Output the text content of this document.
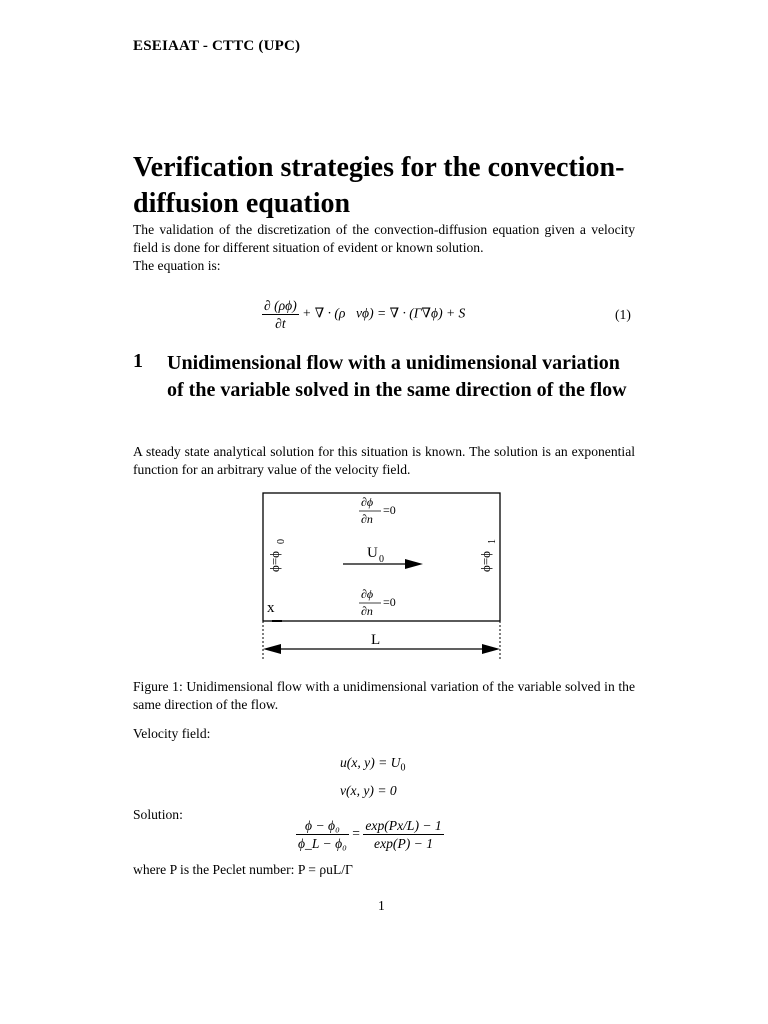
ESEIAAT - CTTC (UPC)
Verification strategies for the convection-diffusion equation
The validation of the discretization of the convection-diffusion equation given a velocity field is done for different situation of evident or known solution.
The equation is:
$\frac{\partial (\rho\phi)}{\partial t}$ + ∇ · (ρ⃗vϕ) = ∇ · (Γ∇ϕ) + S	(1)
1 Unidimensional flow with a unidimensional variation of the variable solved in the same direction of the flow
A steady state analytical solution for this situation is known. The solution is an exponential function for an arbitrary value of the velocity field.
∂ϕ
∂n
=0
∂ϕ
∂n
=0
ϕ=ϕ
0
ϕ=ϕ
1
U 0
x
L
Figure 1: Unidimensional flow with a unidimensional variation of the variable solved in the same direction of the flow.
Velocity field:
u(x, $y) = U_0$
v(x, y) = 0
Solution:
$\frac{\text{ϕ − ϕ₀}}{\text{ϕ\_L − ϕ₀}} = \frac{\exp(Px/L) - 1}{\exp(P) - 1}$
where P is the Peclet number: P = ρuL/Γ
1
